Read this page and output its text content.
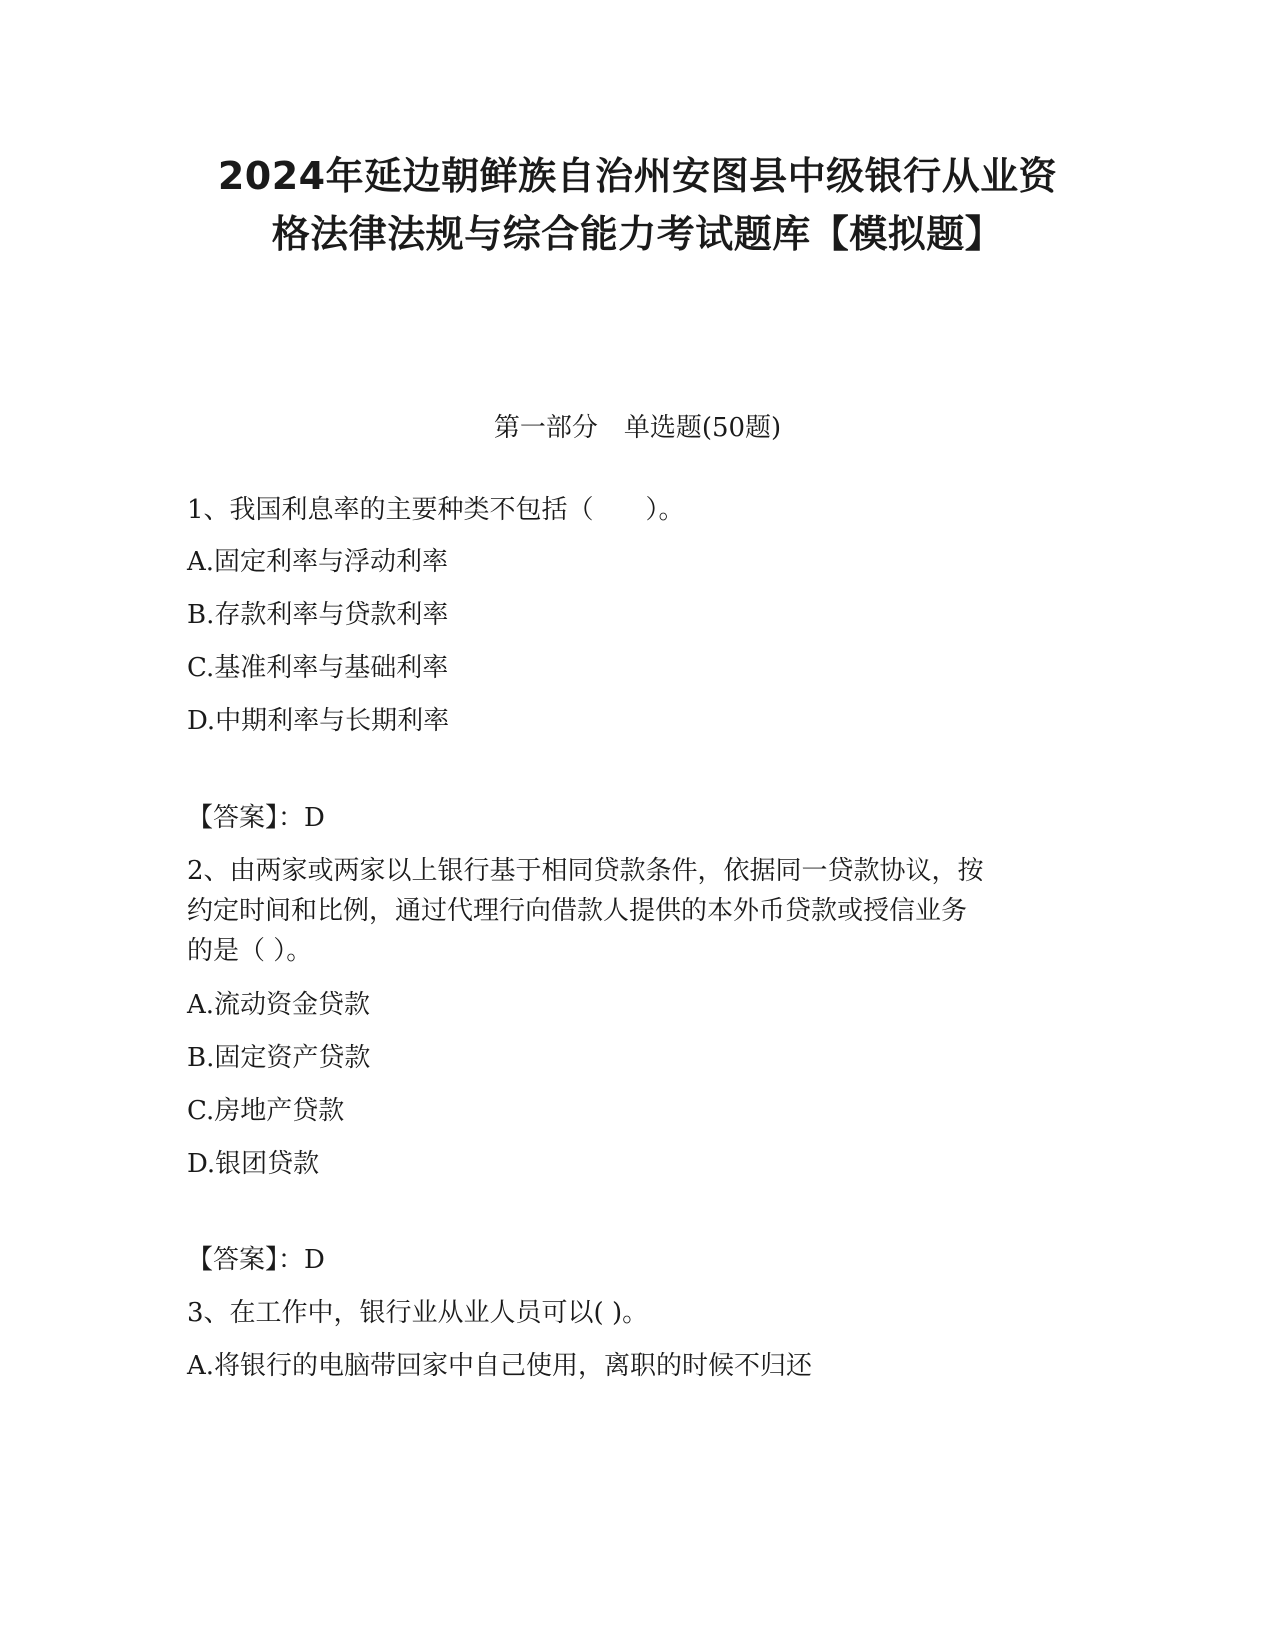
2024年延边朝鲜族自治州安图县中级银行从业资
格法律法规与综合能力考试题库【模拟题】
第一部分　单选题(50题)
1、我国利息率的主要种类不包括（　　）。
A.固定利率与浮动利率
B.存款利率与贷款利率
C.基准利率与基础利率
D.中期利率与长期利率
【答案】：D
2、由两家或两家以上银行基于相同贷款条件，依据同一贷款协议，按
约定时间和比例，通过代理行向借款人提供的本外币贷款或授信业务
的是（ ）。
A.流动资金贷款
B.固定资产贷款
C.房地产贷款
D.银团贷款
【答案】：D
3、在工作中，银行业从业人员可以( )。
A.将银行的电脑带回家中自己使用，离职的时候不归还
